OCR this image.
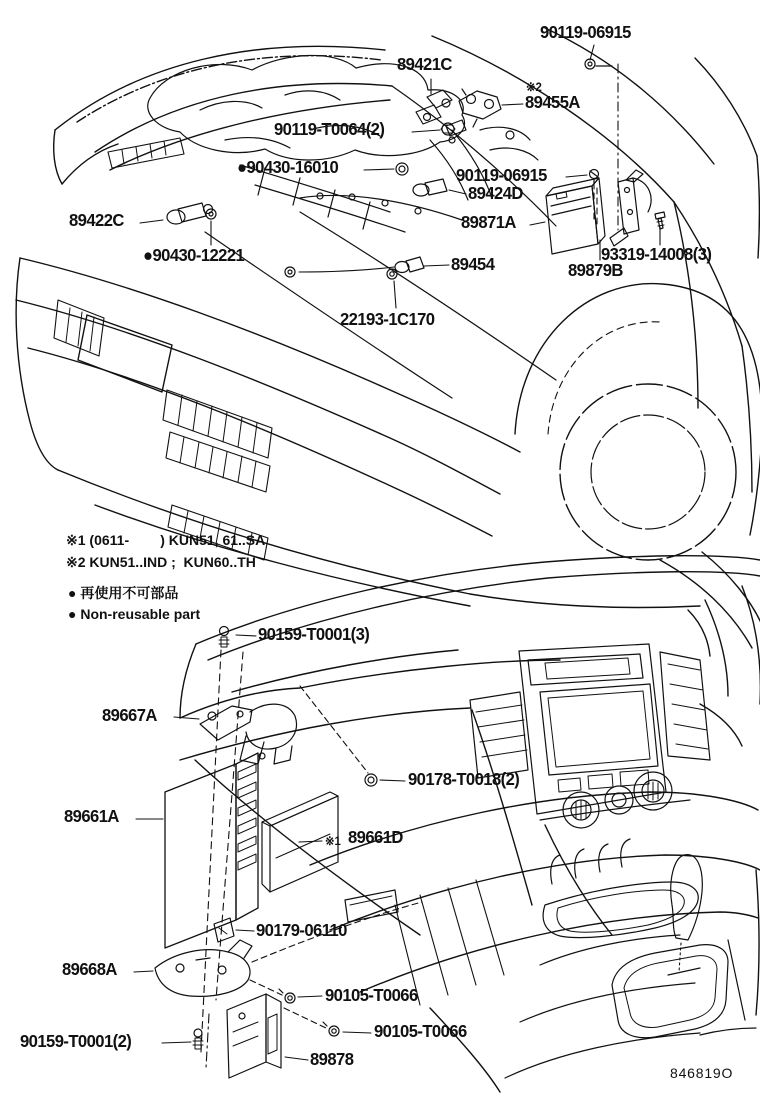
90119-06915
89421C
※2
89455A
90119-T0064(2)
●90430-16010	90119-06915
89424D
89422C	89871A
●90430-12221	93319-14008(3)
89879B
89454
22193-1C170
90159-T0001(3)
89667A
90178-T0018(2)
89661A
※1 89661D
90179-06110
89668A
90105-T0066
90105-T0066
90159-T0001(2)
89878
※1 (0611-        ) KUN51, 61..SA
※2 KUN51..IND ;  KUN60..TH
● 再使用不可部品
● Non-reusable part
846819O
